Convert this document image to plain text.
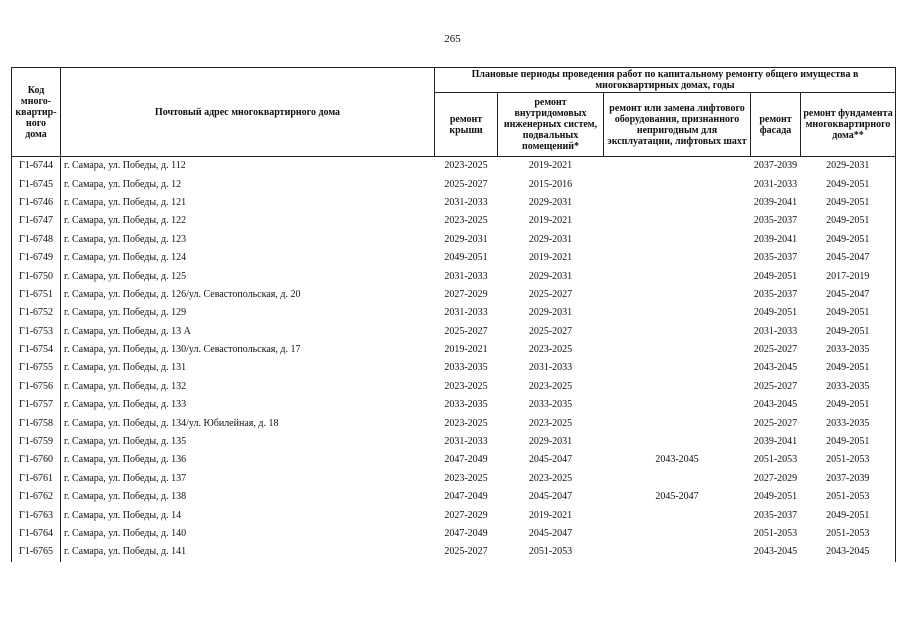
265
Код много-квартир-ного дома	Почтовый адрес многоквартирного дома	Плановые периоды проведения работ по капитальному ремонту общего имущества в многоквартирных домах, годы				
		ремонт крыши	ремонт внутридомовых инженерных систем, подвальных помещений*	ремонт или замена лифтового оборудования, признанного непригодным для эксплуатации, лифтовых шахт	ремонт фасада	ремонт фундамента многоквартирного дома**
Г1-6744	г. Самара, ул. Победы, д. 112	2023-2025	2019-2021		2037-2039	2029-2031
Г1-6745	г. Самара, ул. Победы, д. 12	2025-2027	2015-2016		2031-2033	2049-2051
Г1-6746	г. Самара, ул. Победы, д. 121	2031-2033	2029-2031		2039-2041	2049-2051
Г1-6747	г. Самара, ул. Победы, д. 122	2023-2025	2019-2021		2035-2037	2049-2051
Г1-6748	г. Самара, ул. Победы, д. 123	2029-2031	2029-2031		2039-2041	2049-2051
Г1-6749	г. Самара, ул. Победы, д. 124	2049-2051	2019-2021		2035-2037	2045-2047
Г1-6750	г. Самара, ул. Победы, д. 125	2031-2033	2029-2031		2049-2051	2017-2019
Г1-6751	г. Самара, ул. Победы, д. 126/ул. Севастопольская, д. 20	2027-2029	2025-2027		2035-2037	2045-2047
Г1-6752	г. Самара, ул. Победы, д. 129	2031-2033	2029-2031		2049-2051	2049-2051
Г1-6753	г. Самара, ул. Победы, д. 13 А	2025-2027	2025-2027		2031-2033	2049-2051
Г1-6754	г. Самара, ул. Победы, д. 130/ул. Севастопольская, д. 17	2019-2021	2023-2025		2025-2027	2033-2035
Г1-6755	г. Самара, ул. Победы, д. 131	2033-2035	2031-2033		2043-2045	2049-2051
Г1-6756	г. Самара, ул. Победы, д. 132	2023-2025	2023-2025		2025-2027	2033-2035
Г1-6757	г. Самара, ул. Победы, д. 133	2033-2035	2033-2035		2043-2045	2049-2051
Г1-6758	г. Самара, ул. Победы, д. 134/ул. Юбилейная, д. 18	2023-2025	2023-2025		2025-2027	2033-2035
Г1-6759	г. Самара, ул. Победы, д. 135	2031-2033	2029-2031		2039-2041	2049-2051
Г1-6760	г. Самара, ул. Победы, д. 136	2047-2049	2045-2047	2043-2045	2051-2053	2051-2053
Г1-6761	г. Самара, ул. Победы, д. 137	2023-2025	2023-2025		2027-2029	2037-2039
Г1-6762	г. Самара, ул. Победы, д. 138	2047-2049	2045-2047	2045-2047	2049-2051	2051-2053
Г1-6763	г. Самара, ул. Победы, д. 14	2027-2029	2019-2021		2035-2037	2049-2051
Г1-6764	г. Самара, ул. Победы, д. 140	2047-2049	2045-2047		2051-2053	2051-2053
Г1-6765	г. Самара, ул. Победы, д. 141	2025-2027	2051-2053		2043-2045	2043-2045
